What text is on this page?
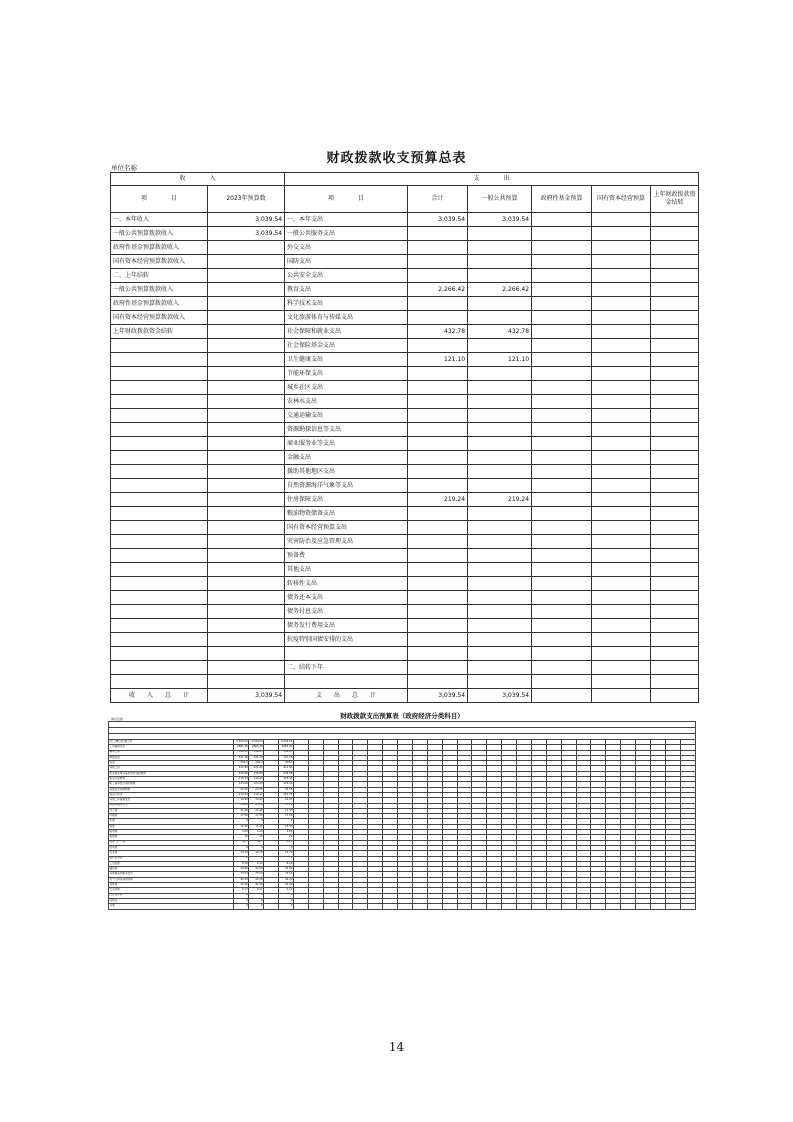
财政拨款收支预算总表
单位名称
收　　　　入		支　　　　出					
项　　　　目	2023年预算数	项　　　　目	合计	一般公共预算	政府性基金预算	国有资本经营预算	上年财政拨款资金结转
一、本年收入	3,039.54	一、本年支出	3,039.54	3,039.54			
一般公共预算拨款收入	3,039.54	一般公共服务支出					
政府性基金预算拨款收入		外交支出					
国有资本经营预算拨款收入		国防支出					
二、上年结转		公共安全支出					
一般公共预算拨款收入		教育支出	2,266.42	2,266.42			
政府性基金预算拨款收入		科学技术支出					
国有资本经营预算拨款收入		文化旅游体育与传媒支出					
上年财政拨款资金结转		社会保障和就业支出	432.78	432.78			
		社会保险基金支出					
		卫生健康支出	121.10	121.10			
		节能环保支出					
		城乡社区支出					
		农林水支出					
		交通运输支出					
		资源勘探信息等支出					
		商业服务业等支出					
		金融支出					
		援助其他地区支出					
		自然资源海洋气象等支出					
		住房保障支出	219.24	219.24			
		粮油物资储备支出					
		国有资本经营预算支出					
		灾害防治及应急管理支出					
		预备费					
		其他支出					
		转移性支出					
		债务还本支出					
		债务付息支出					
		债务发行费用支出					
		抗疫特别国债安排的支出					

		二、结转下年					

收　　入　　总　　计	3,039.54	支　　出　　总　　计	3,039.54	3,039.54			
单位名称	财政拨款支出预算表（政府经济分类科目）

部门(单位)名称合计	3,039.54	3,039.54		3,039.54																											
工资福利支出	2865.46	2865.46		2865.46																											
基本工资	599.23	599.23		599.23																											
津贴补贴	121.28	121.28		121.28																											
奖金	258.4	258.4		258.4																											
绩效工资	421.80	421.80		421.80																											
机关事业单位基本养老保险缴费	236.89	236.89		236.89																											
职业年金缴费	118.44	118.44		118.44																											
职工基本医疗保险缴费	123.00	123.00		123.00																											
其他社会保障缴费	22.95	22.95		22.95																											
住房公积金	219.24	219.24		219.24																											
其他工资福利支出	19.93	19.93		19.93																											
商品和服务支出	131.8	131.8		131.8																											
办公费	21.40	21.40		21.40																											
印刷费	17.50	17.50		17.50																											
水费	0	0		0																											
电费	15.30	15.30		15.30																											
邮电费	3.00	3.00		3.00																											
差旅费	22	22		22																											
维修（护）费	34.7	34.7		34.7																											
培训费	0	0		0																											
劳务费	14.70	14.70		14.70																											
委托业务费	2	2		2																											
工会经费	8.10	8.10		8.10																											
福利费	34.60	34.60		34.60																											
其他商品和服务支出	73.53	73.53		73.53																											
对个人和家庭的补助	42.20	42.20		42.20																											
退休费	42.20	42.20		42.20																											
生活补助	0.17	0.17		0.17																											
医疗费补助	0	0		0																											
奖励金	0	0		0																											
其他	0	0		0																											
14
